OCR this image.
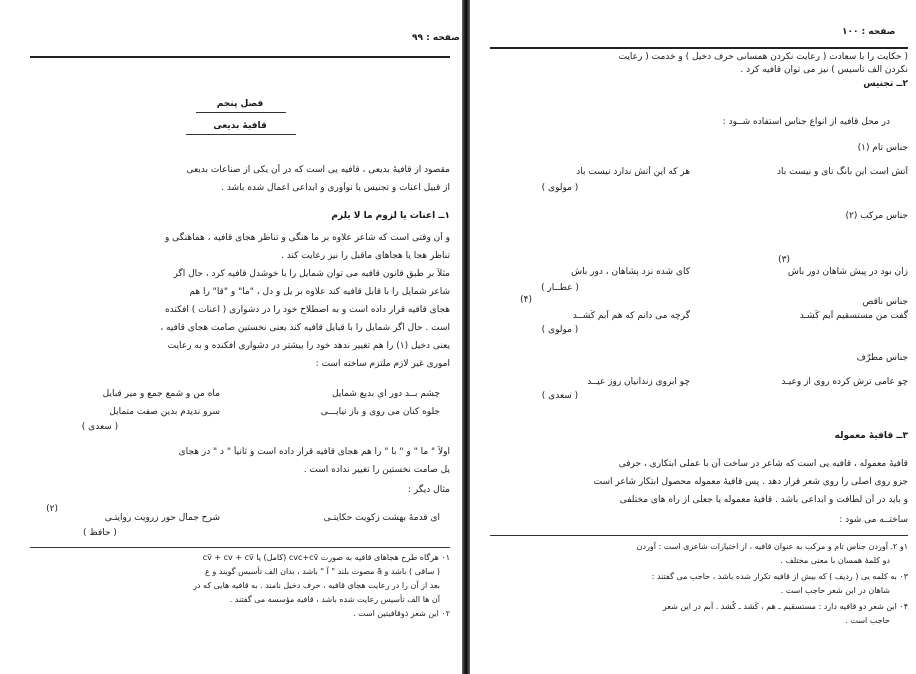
صفحه : ۹۹
فصل پنجم
قافیهٔ بدیعی
مقصود از قافیهٔ بدیعی ، قافیه یی است که در آن یکی از صناعات بدیعی
از قبیل اعنات و تجنیس یا نوآوری و ابداعی اعمال شده باشد .
۱ــ اعنات یا لزوم ما لا یلزم
و آن وقتی است که شاعر علاوه بر ما هنگی و تناظر هجای قافیه ، هماهنگی و
تناظر هجا یا هجاهای ماقبل را نیز رعایت کند .
مثلاً بر طبق قانون قافیه می توان شمایل را با خوشدل قافیه کرد ، حال اگر
شاعر شمایل را با قابل قافیه کند علاوه بر یل و دل ، "ما" و "قا" را هم
هجای قافیه قرار داده است و به اصطلاح خود را در دشواری ( اعنات ) افکنده
است . حال اگر شمایل را با قبایل قافیه کند یعنی نخستین صامت هجای قافیه ،
یعنی دخیل (۱) را هم تغییر ندهد خود را بیشتر در دشواری افکنده و به رعایت
اموری غیر لازم ملتزم ساخته است :
چشم بــد دور ای بدیع شمایل
ماه من و شمع جمع و میر قبایل
جلوه کنان می روی و باز نیایـــی
سرو ندیدم بدین صفت متمایل
( سعدی )
اولاً " ما " و " با " را هم هجای قافیه قرار داده است و ثانیاً " د " در هجای
یل صامت نخستین را تغییر نداده است .
مثال دیگر :
ای قدمهٔ بهشت زکویت حکایتـی
شرح جمال حور زرویت روایتـی
(۲)
( حافظ )
۰۱ هرگاه طرح هجاهای قافیه به صورت cvc+cv̄ (کامل) یا cv̄ + cv + cv̄
( ساقی ) باشد و ā مصوت بلند " آ " باشد ، بدان الف تأسیس گویند و ع
بعد از آن را در رعایت هجای قافیه ، حرف دخیل نامند . به قافیه هایی که در
آن ها الف تأسیس رعایت شده باشد ، قافیه مؤسسه می گفتند .
۰۲ این شعر ذوقافیتین است .
صفحه : ۱۰۰
( حکایت را با سعادت ( رعایت نکردن همسانی حرف دخیل ) و خدمت ( رعایت
نکردن الف تأسیس ) نیز می توان قافیه کرد .
۲ــ تجنیس
در محل قافیه از انواع جناس استفاده شــود :
جناس تام (۱)
آتش است این بانگ نای و نیست باد
هر که این آتش ندارد نیست باد
( مولوی )
جناس مرکب (۲)
(۳)
زان بود در پیش شاهان دور باش
کای شده نزد پشاهان ، دور باش
( عطــار )
جناس ناقص
(۴)
گفت من مستسقیم آبم کَشـد
گرچه می دانم که هم آبم کُشــد
( مولوی )
جناس مطرّف
چو عامی تزش کرده روی از وعیـد
چو ابروی زندانیان روز عیــد
( سعدی )
۳ــ قافیهٔ معموله
قافیهٔ معموله ، قافیه یی است که شاعر در ساخت آن با عملی ابتکاری ، حرفی
جزو روی اصلی را روی شعر قرار دهد . پس قافیهٔ معموله محصول ابتکار شاعر است
و باید در آن لطافت و ابداعی باشد . قافیهٔ معموله یا جعلی از راه های مختلفی
ساختــه می شود :
۱و ۲. آوردن جناس تام و مرکب به عنوان قافیه ، از اختیارات شاعری است : آوردن
دو کلمهٔ همسان با معنی مختلف .
۰۳ به کلمه یی ( ردیف ) که بیش از قافیه تکرار شده باشد ، حاجب می گفتند :
شاهان در این شعر حاجب است .
۰۴ این شعر دو قافیه دارد : مستسقیم ـ هم ، کَشد ـ کُشد . آبم در این شعر
حاجب است .
